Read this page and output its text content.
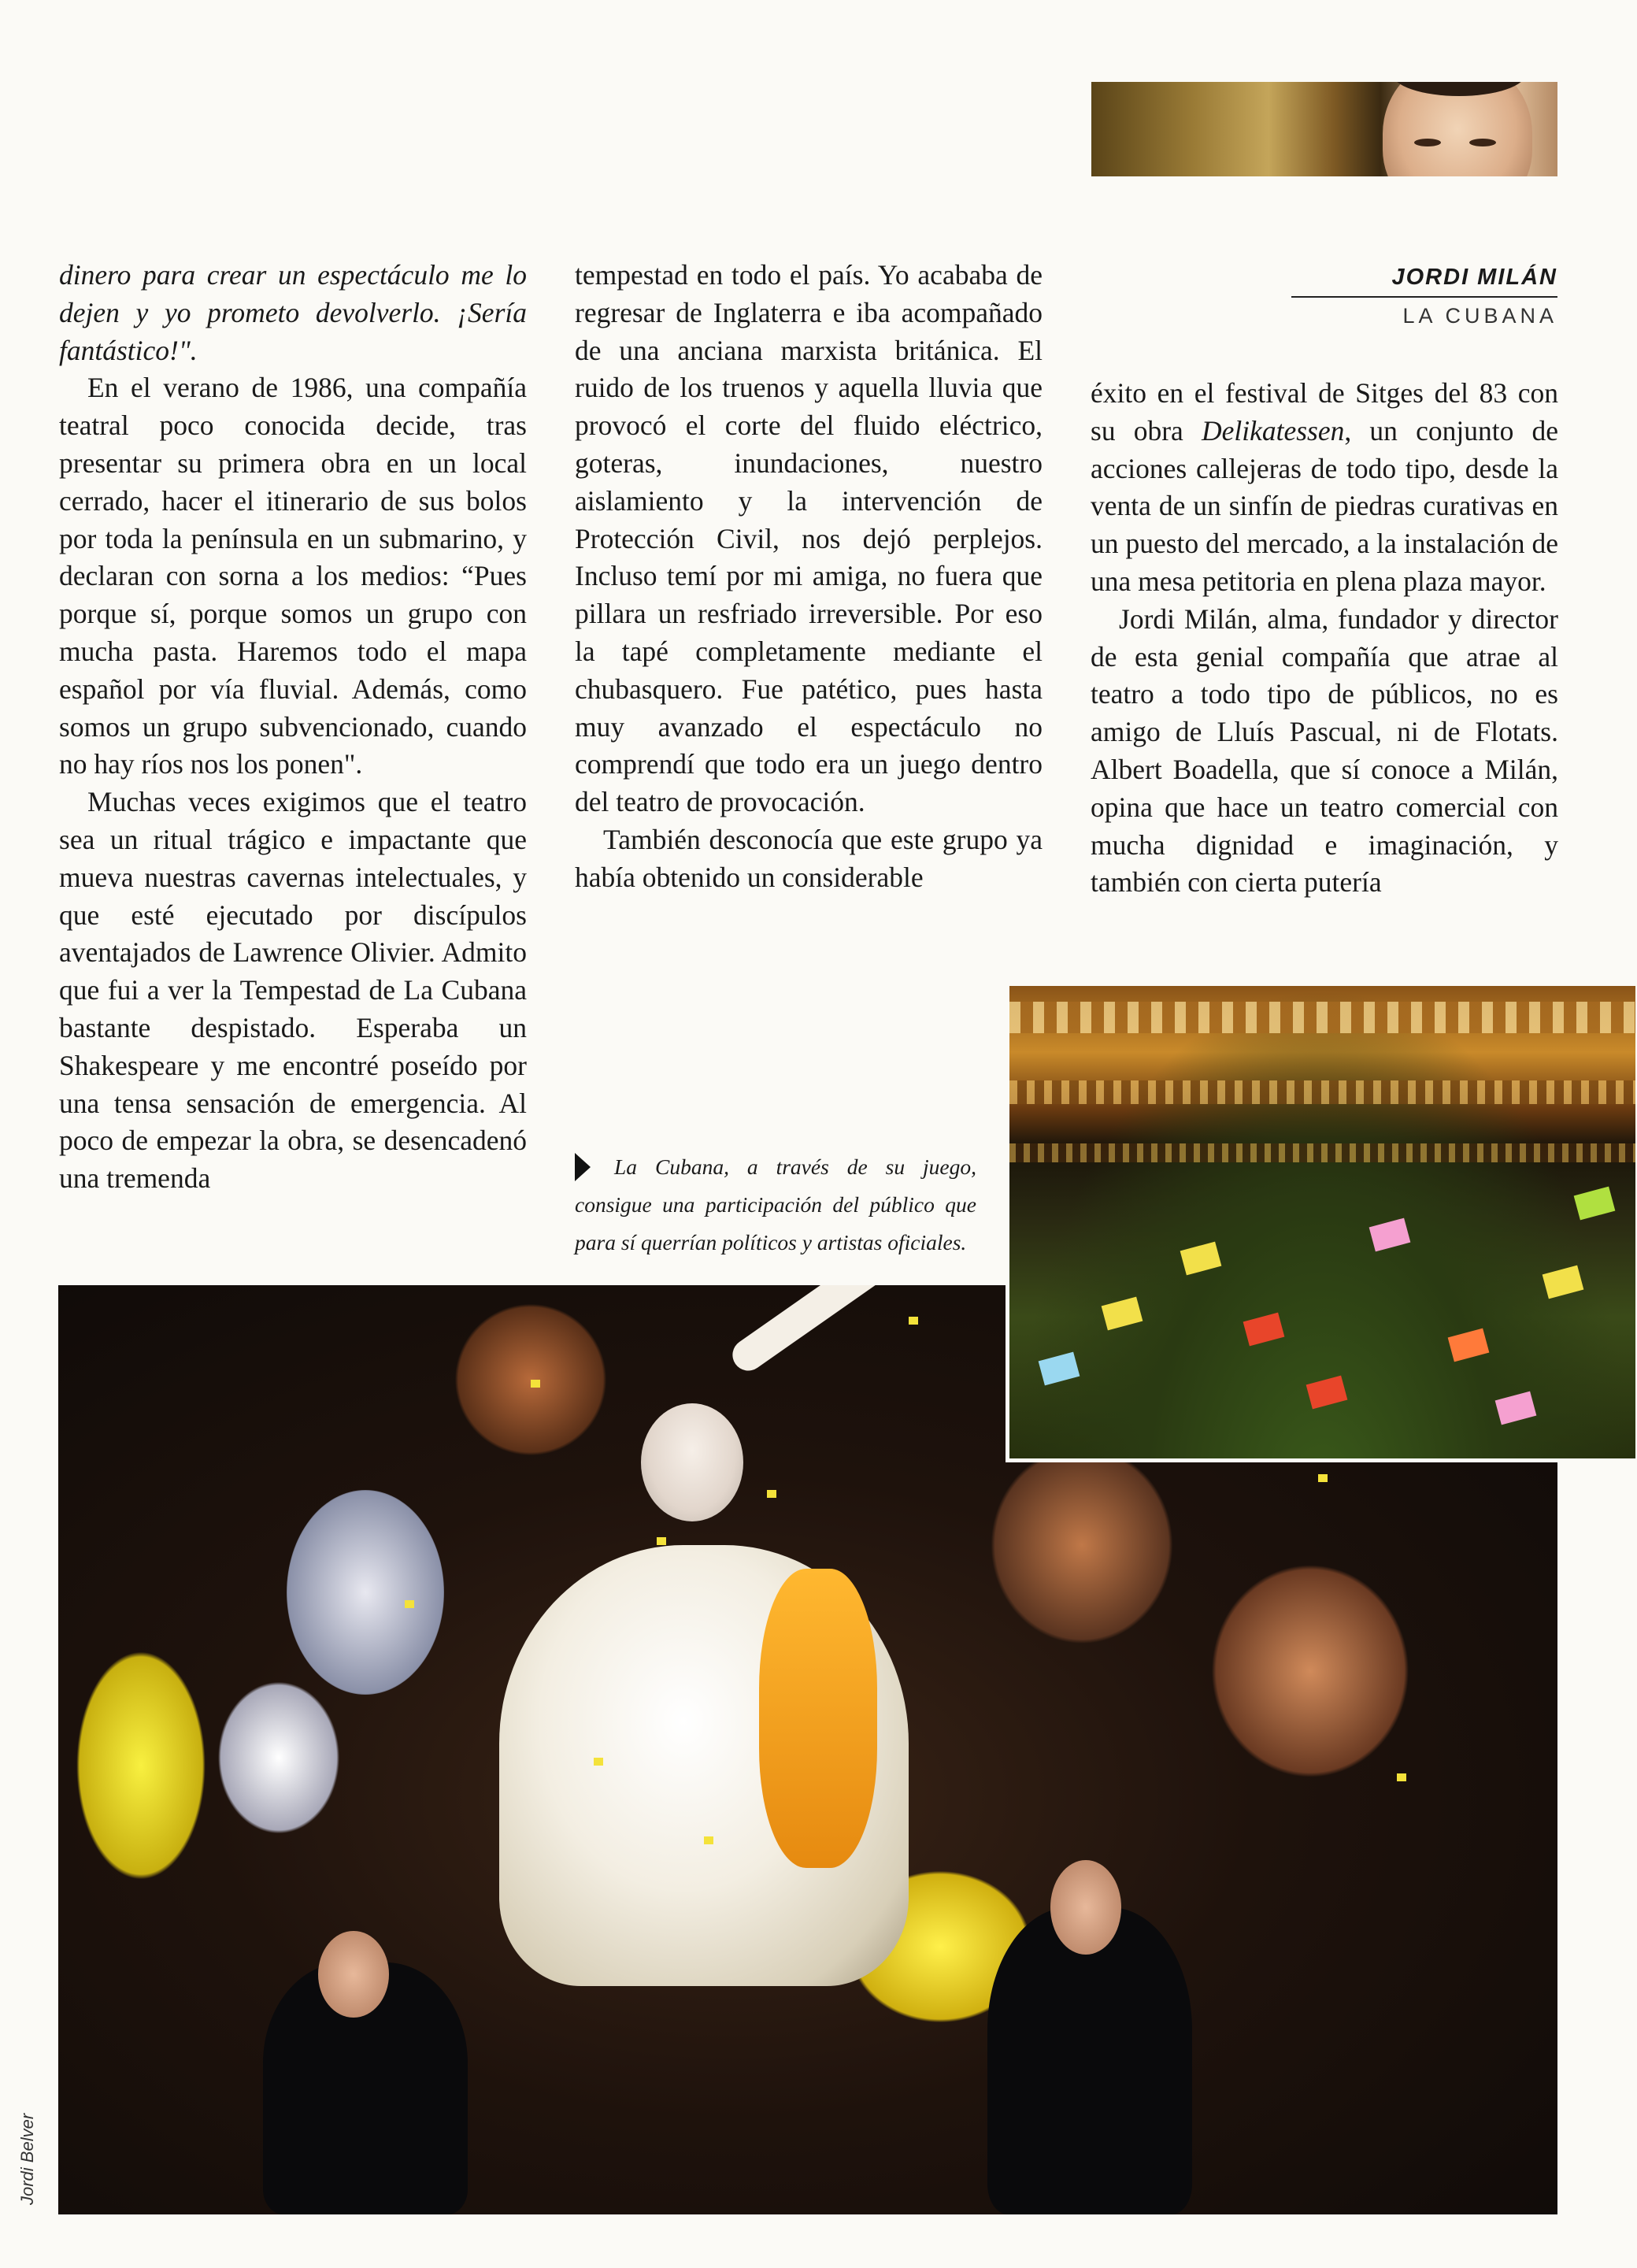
JORDI MILÁN
LA CUBANA

dinero para crear un espectáculo me lo dejen y yo prometo devolverlo. ¡Sería fantástico!".

En el verano de 1986, una compañía teatral poco conocida decide, tras presentar su primera obra en un local cerrado, hacer el itinerario de sus bolos por toda la península en un submarino, y declaran con sorna a los medios: “Pues porque sí, porque somos un grupo con mucha pasta. Haremos todo el mapa español por vía fluvial. Además, como somos un grupo subvencionado, cuando no hay ríos nos los ponen".

Muchas veces exigimos que el teatro sea un ritual trágico e impactante que mueva nuestras cavernas intelectuales, y que esté ejecutado por discípulos aventajados de Lawrence Olivier. Admito que fui a ver la Tempestad de La Cubana bastante despistado. Esperaba un Shakespeare y me encontré poseído por una tensa sensación de emergencia. Al poco de empezar la obra, se desencadenó una tremenda

tempestad en todo el país. Yo acababa de regresar de Inglaterra e iba acompañado de una anciana marxista británica. El ruido de los truenos y aquella lluvia que provocó el corte del fluido eléctrico, goteras, inundaciones, nuestro aislamiento y la intervención de Protección Civil, nos dejó perplejos. Incluso temí por mi amiga, no fuera que pillara un resfriado irreversible. Por eso la tapé completamente mediante el chubasquero. Fue patético, pues hasta muy avanzado el espectáculo no comprendí que todo era un juego dentro del teatro de provocación.

También desconocía que este grupo ya había obtenido un considerable

éxito en el festival de Sitges del 83 con su obra Delikatessen, un conjunto de acciones callejeras de todo tipo, desde la venta de un sinfín de piedras curativas en un puesto del mercado, a la instalación de una mesa petitoria en plena plaza mayor.

Jordi Milán, alma, fundador y director de esta genial compañía que atrae al teatro a todo tipo de públicos, no es amigo de Lluís Pascual, ni de Flotats. Albert Boadella, que sí conoce a Milán, opina que hace un teatro comercial con mucha dignidad e imaginación, y también con cierta putería

La Cubana, a través de su juego, consigue una participación del público que para sí querrían políticos y artistas oficiales.
Jordi Belver
